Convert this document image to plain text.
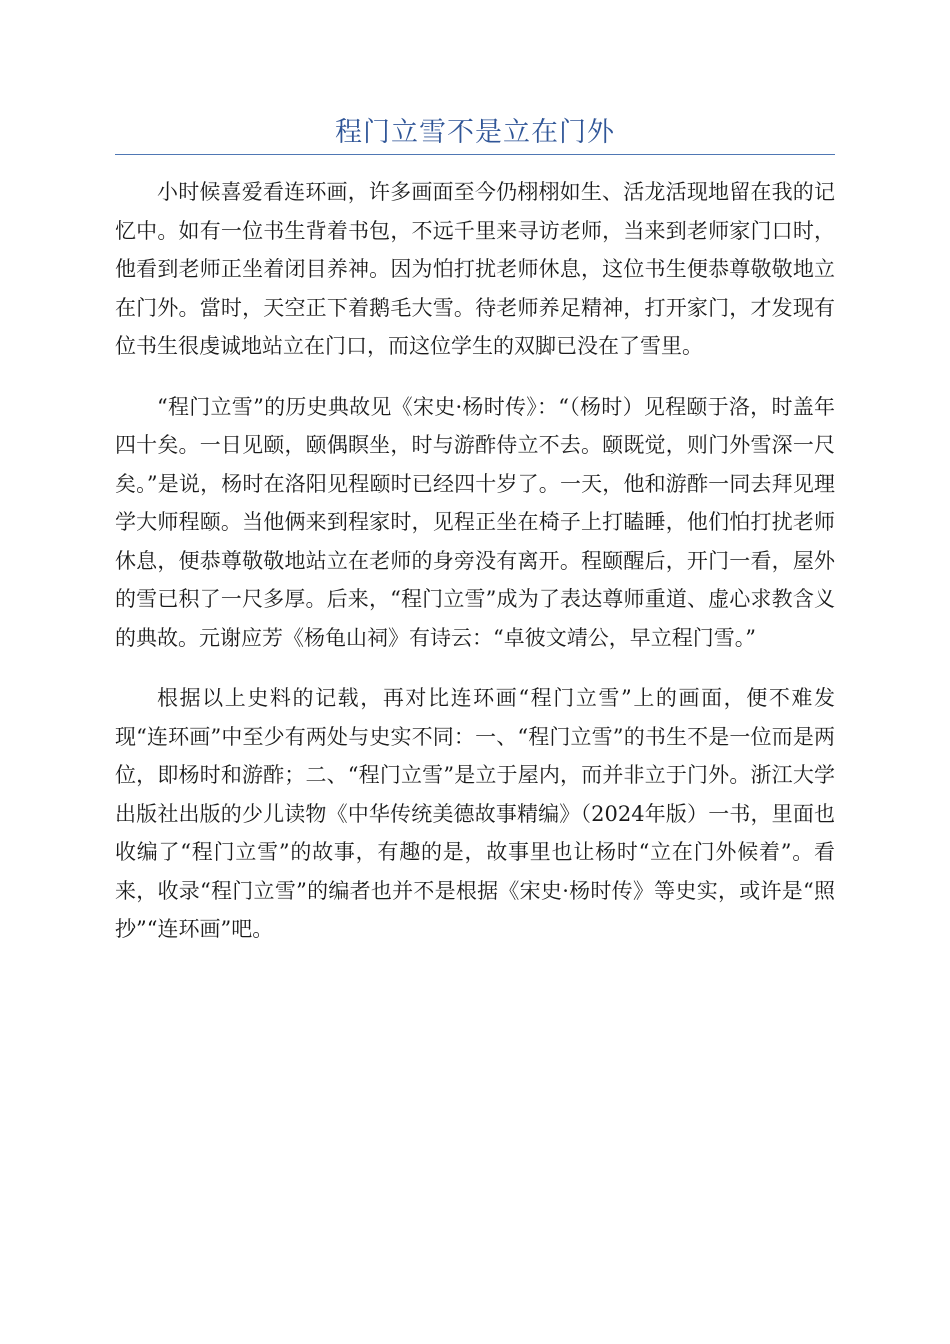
程门立雪不是立在门外

小时候喜爱看连环画，许多画面至今仍栩栩如生、活龙活现地留在我的记忆中。如有一位书生背着书包，不远千里来寻访老师，当来到老师家门口时，他看到老师正坐着闭目养神。因为怕打扰老师休息，这位书生便恭尊敬敬地立在门外。當时，天空正下着鹅毛大雪。待老师养足精神，打开家门，才发现有位书生很虔诚地站立在门口，而这位学生的双脚已没在了雪里。

“程门立雪”的历史典故见《宋史·杨时传》：“（杨时）见程颐于洛，时盖年四十矣。一日见颐，颐偶瞑坐，时与游酢侍立不去。颐既觉，则门外雪深一尺矣。”是说，杨时在洛阳见程颐时已经四十岁了。一天，他和游酢一同去拜见理学大师程颐。当他俩来到程家时，见程正坐在椅子上打瞌睡，他们怕打扰老师休息，便恭尊敬敬地站立在老师的身旁没有离开。程颐醒后，开门一看，屋外的雪已积了一尺多厚。后来，“程门立雪”成为了表达尊师重道、虚心求教含义的典故。元谢应芳《杨龟山祠》有诗云：“卓彼文靖公，早立程门雪。”

根据以上史料的记载，再对比连环画“程门立雪”上的画面，便不难发现“连环画”中至少有两处与史实不同：一、“程门立雪”的书生不是一位而是两位，即杨时和游酢；二、“程门立雪”是立于屋内，而并非立于门外。浙江大学出版社出版的少儿读物《中华传统美德故事精编》（2024年版）一书，里面也收编了“程门立雪”的故事，有趣的是，故事里也让杨时“立在门外候着”。看来，收录“程门立雪”的编者也并不是根据《宋史·杨时传》等史实，或许是“照抄”“连环画”吧。
